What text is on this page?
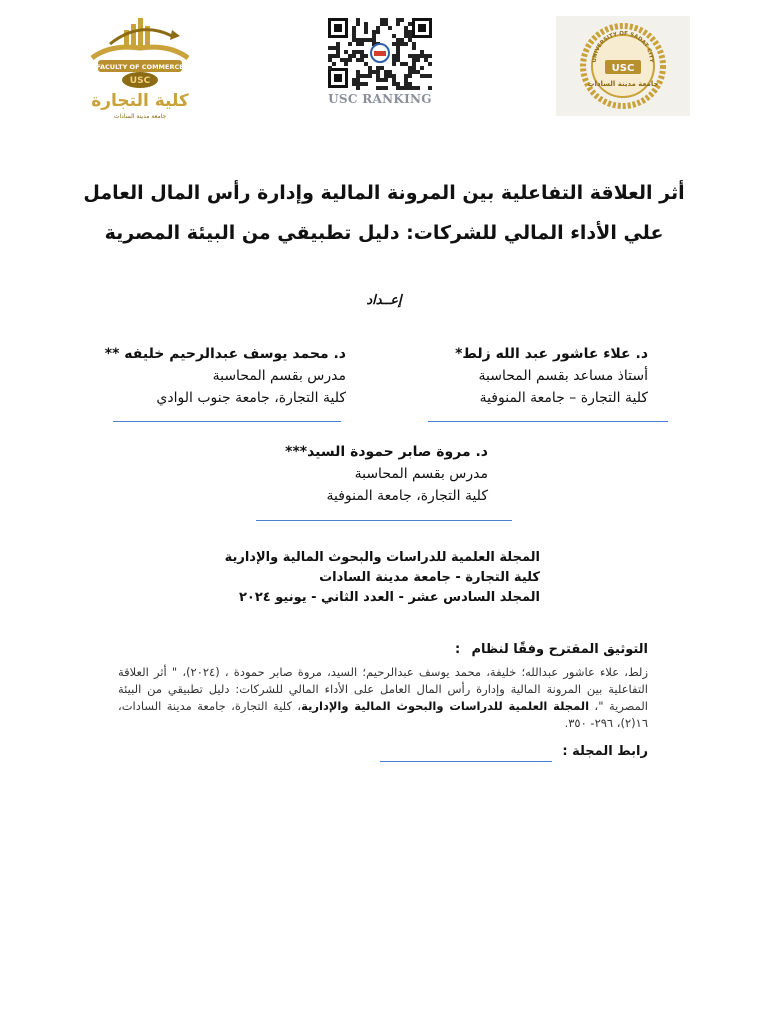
FACULTY OF COMMERCE
USC
كلية التجارة
جامعة مدينة السادات
USC RANKING
UNIVERSITY OF SADAT CITY
USC
جامعة مدينة السادات
أثر العلاقة التفاعلية بين المرونة المالية وإدارة رأس المال العامل
علي الأداء المالي للشركات: دليل تطبيقي من البيئة المصرية
إعــداد
د. علاء عاشور عبد الله زلط*
أستاذ مساعد بقسم المحاسبة
كلية التجارة – جامعة المنوفية
د. محمد يوسف عبدالرحيم خليفه **
مدرس بقسم المحاسبة
كلية التجارة، جامعة جنوب الوادي
د. مروة صابر حمودة السيد***
مدرس بقسم المحاسبة
كلية التجارة، جامعة المنوفية
المجلة العلمية للدراسات والبحوث المالية والإدارية
كلية التجارة - جامعة مدينة السادات
المجلد السادس عشر - العدد الثاني - يونيو ٢٠٢٤
التوثيق المقترح وفقًا لنظام
:
زلط، علاء عاشور عبدالله؛ خليفة، محمد يوسف عبدالرحيم؛ السيد، مروة صابر حمودة ، (٢٠٢٤)، " أثر العلاقة التفاعلية بين المرونة المالية وإدارة رأس المال العامل على الأداء المالي للشركات: دليل تطبيقي من البيئة المصرية "، المجلة العلمية للدراسات والبحوث المالية والإدارية، كلية التجارة، جامعة مدينة السادات، ١٦(٢)، ٢٩٦- ٣٥٠.
رابط المجلة :
